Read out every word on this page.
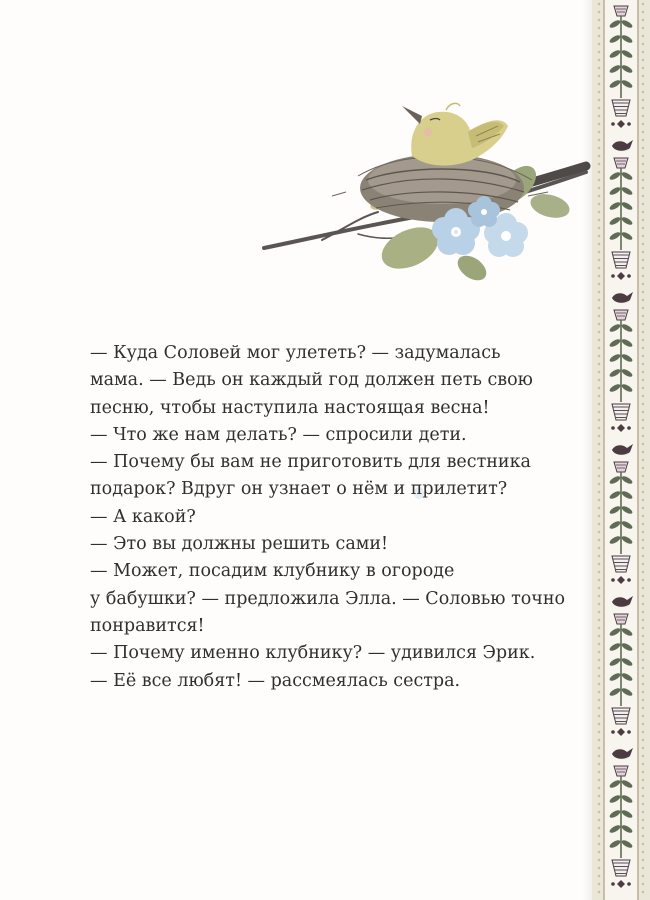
— Куда Соловей мог улететь? — задумалась

мама. — Ведь он каждый год должен петь свою

песню, чтобы наступила настоящая весна!

— Что же нам делать? — спросили дети.

— Почему бы вам не приготовить для вестника

подарок? Вдруг он узнает о нём и прилетит?

— А какой?

— Это вы должны решить сами!

— Может, посадим клубнику в огороде

у бабушки? — предложила Элла. — Соловью точно

понравится!

— Почему именно клубнику? — удивился Эрик.

— Её все любят! — рассмеялась сестра.
